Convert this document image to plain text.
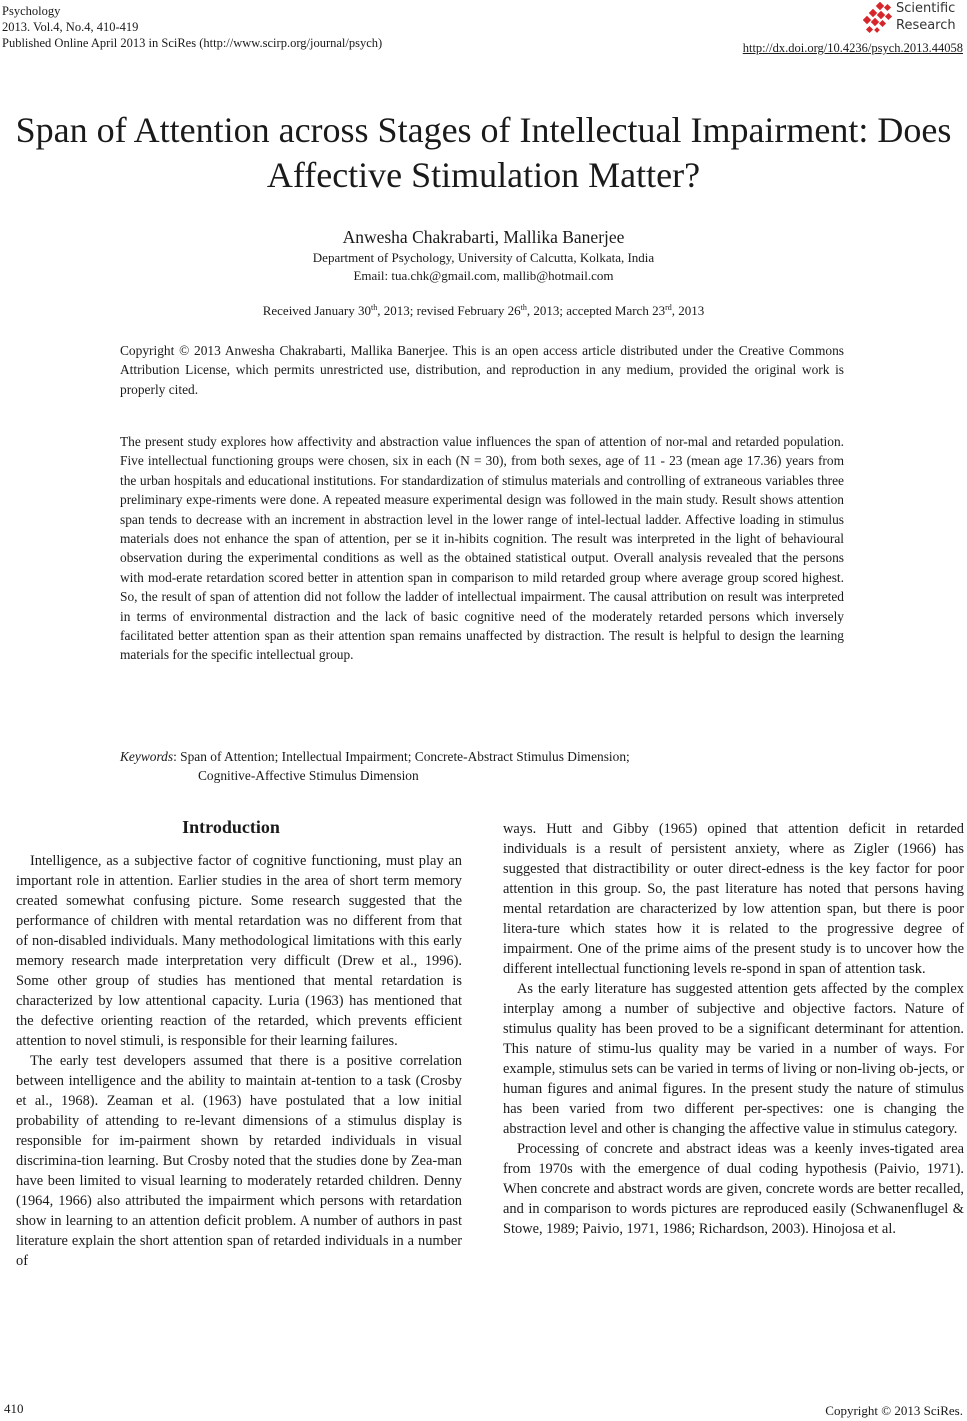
Psychology
2013. Vol.4, No.4, 410-419
Published Online April 2013 in SciRes (http://www.scirp.org/journal/psych)
Scientific
Research
http://dx.doi.org/10.4236/psych.2013.44058
Span of Attention across Stages of Intellectual Impairment: Does
Affective Stimulation Matter?
Anwesha Chakrabarti, Mallika Banerjee
Department of Psychology, University of Calcutta, Kolkata, India
Email: tua.chk@gmail.com, mallib@hotmail.com
Received January 30th, 2013; revised February 26th, 2013; accepted March 23rd, 2013
Copyright © 2013 Anwesha Chakrabarti, Mallika Banerjee. This is an open access article distributed under the Creative Commons Attribution License, which permits unrestricted use, distribution, and reproduction in any medium, provided the original work is properly cited.
The present study explores how affectivity and abstraction value influences the span of attention of nor-mal and retarded population. Five intellectual functioning groups were chosen, six in each (N = 30), from both sexes, age of 11 - 23 (mean age 17.36) years from the urban hospitals and educational institutions. For standardization of stimulus materials and controlling of extraneous variables three preliminary expe-riments were done. A repeated measure experimental design was followed in the main study. Result shows attention span tends to decrease with an increment in abstraction level in the lower range of intel-lectual ladder. Affective loading in stimulus materials does not enhance the span of attention, per se it in-hibits cognition. The result was interpreted in the light of behavioural observation during the experimental conditions as well as the obtained statistical output. Overall analysis revealed that the persons with mod-erate retardation scored better in attention span in comparison to mild retarded group where average group scored highest. So, the result of span of attention did not follow the ladder of intellectual impairment. The causal attribution on result was interpreted in terms of environmental distraction and the lack of basic cognitive need of the moderately retarded persons which inversely facilitated better attention span as their attention span remains unaffected by distraction. The result is helpful to design the learning materials for the specific intellectual group.
Keywords: Span of Attention; Intellectual Impairment; Concrete-Abstract Stimulus Dimension;
Cognitive-Affective Stimulus Dimension
Introduction

Intelligence, as a subjective factor of cognitive functioning, must play an important role in attention. Earlier studies in the area of short term memory created somewhat confusing picture. Some research suggested that the performance of children with mental retardation was no different from that of non-disabled individuals. Many methodological limitations with this early memory research made interpretation very difficult (Drew et al., 1996). Some other group of studies has mentioned that mental retardation is characterized by low attentional capacity. Luria (1963) has mentioned that the defective orienting reaction of the retarded, which prevents efficient attention to novel stimuli, is responsible for their learning failures.

The early test developers assumed that there is a positive correlation between intelligence and the ability to maintain at-tention to a task (Crosby et al., 1968). Zeaman et al. (1963) have postulated that a low initial probability of attending to re-levant dimensions of a stimulus display is responsible for im-pairment shown by retarded individuals in visual discrimina-tion learning. But Crosby noted that the studies done by Zea-man have been limited to visual learning to moderately retarded children. Denny (1964, 1966) also attributed the impairment which persons with retardation show in learning to an attention deficit problem. A number of authors in past literature explain the short attention span of retarded individuals in a number of

ways. Hutt and Gibby (1965) opined that attention deficit in retarded individuals is a result of persistent anxiety, where as Zigler (1966) has suggested that distractibility or outer direct-edness is the key factor for poor attention in this group. So, the past literature has noted that persons having mental retardation are characterized by low attention span, but there is poor litera-ture which states how it is related to the progressive degree of impairment. One of the prime aims of the present study is to uncover how the different intellectual functioning levels re-spond in span of attention task.

As the early literature has suggested attention gets affected by the complex interplay among a number of subjective and objective factors. Nature of stimulus quality has been proved to be a significant determinant for attention. This nature of stimu-lus quality may be varied in a number of ways. For example, stimulus sets can be varied in terms of living or non-living ob-jects, or human figures and animal figures. In the present study the nature of stimulus has been varied from two different per-spectives: one is changing the abstraction level and other is changing the affective value in stimulus category.

Processing of concrete and abstract ideas was a keenly inves-tigated area from 1970s with the emergence of dual coding hypothesis (Paivio, 1971). When concrete and abstract words are given, concrete words are better recalled, and in comparison to words pictures are reproduced easily (Schwanenflugel & Stowe, 1989; Paivio, 1971, 1986; Richardson, 2003). Hinojosa et al.

410	Copyright © 2013 SciRes.
